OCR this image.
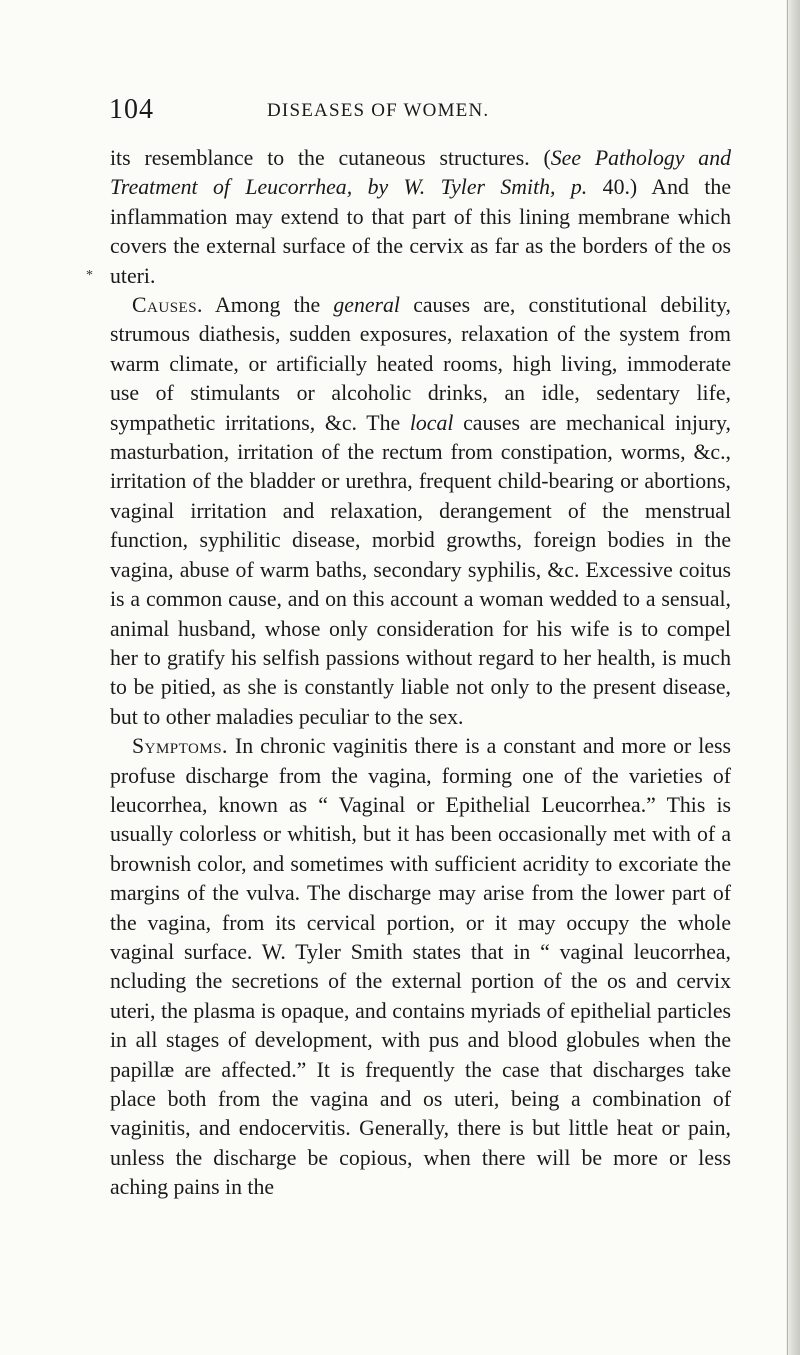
104	DISEASES OF WOMEN.
*

its resemblance to the cutaneous structures. (See Pathology and Treatment of Leucorrhea, by W. Tyler Smith, p. 40.) And the inflammation may extend to that part of this lining membrane which covers the external surface of the cervix as far as the borders of the os uteri.

Causes. Among the general causes are, constitutional debility, strumous diathesis, sudden exposures, relaxation of the system from warm climate, or artificially heated rooms, high living, immoderate use of stimulants or alcoholic drinks, an idle, sedentary life, sympathetic irritations, &c. The local causes are mechanical injury, masturbation, irritation of the rectum from constipation, worms, &c., irritation of the bladder or urethra, frequent child-bearing or abortions, vaginal irritation and relaxation, derangement of the menstrual function, syphilitic disease, morbid growths, foreign bodies in the vagina, abuse of warm baths, secondary syphilis, &c. Excessive coitus is a common cause, and on this account a woman wedded to a sensual, animal husband, whose only consideration for his wife is to compel her to gratify his selfish passions without regard to her health, is much to be pitied, as she is constantly liable not only to the present disease, but to other maladies peculiar to the sex.

Symptoms. In chronic vaginitis there is a constant and more or less profuse discharge from the vagina, forming one of the varieties of leucorrhea, known as “ Vaginal or Epithelial Leucorrhea.” This is usually colorless or whitish, but it has been occasionally met with of a brownish color, and sometimes with sufficient acridity to excoriate the margins of the vulva. The discharge may arise from the lower part of the vagina, from its cervical portion, or it may occupy the whole vaginal surface. W. Tyler Smith states that in “ vaginal leucorrhea, ncluding the secretions of the external portion of the os and cervix uteri, the plasma is opaque, and contains myriads of epithelial particles in all stages of development, with pus and blood globules when the papillæ are affected.” It is frequently the case that discharges take place both from the vagina and os uteri, being a combination of vaginitis, and endocervitis. Generally, there is but little heat or pain, unless the discharge be copious, when there will be more or less aching pains in the
